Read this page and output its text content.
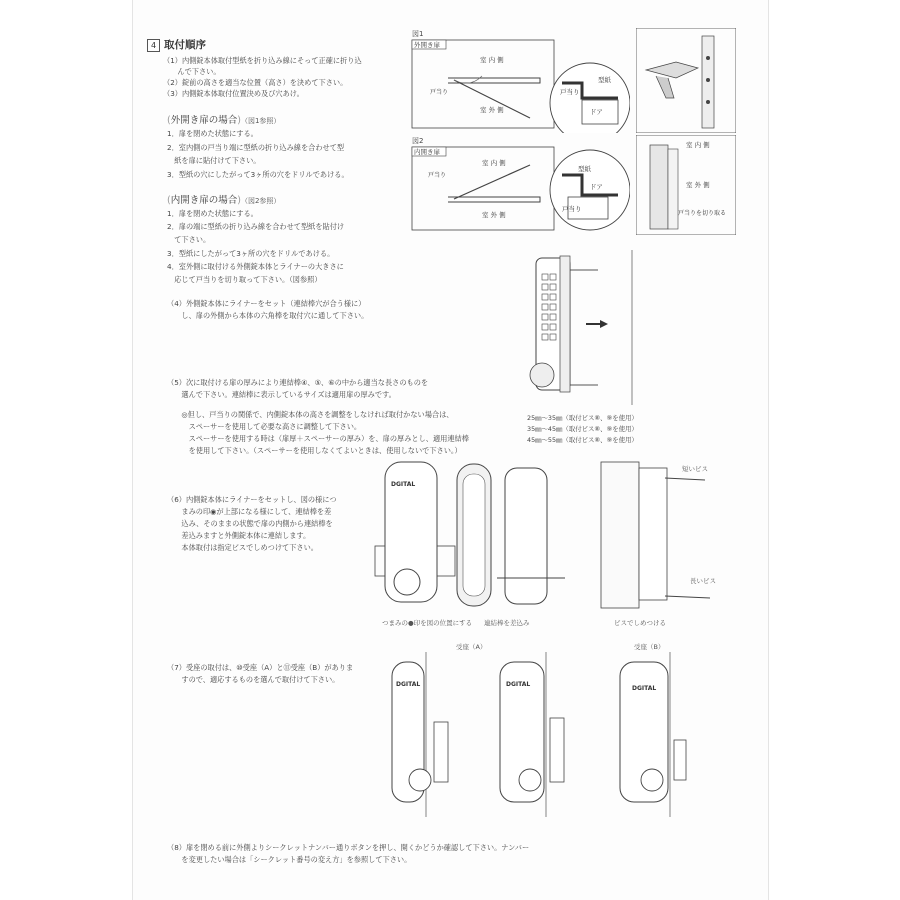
4 取付順序
（1）内側錠本体取付型紙を折り込み線にそって正確に折り込
　　んで下さい。
（2）錠前の高さを適当な位置（高さ）を決めて下さい。
（3）内側錠本体取付位置決め及び穴あけ。
(外開き扉の場合)（図1参照）
1．扉を閉めた状態にする。
2．室内側の戸当り端に型紙の折り込み線を合わせて型
　紙を扉に貼付けて下さい。
3．型紙の穴にしたがって3ヶ所の穴をドリルであける。
(内開き扉の場合)（図2参照）
1．扉を閉めた状態にする。
2．扉の端に型紙の折り込み線を合わせて型紙を貼付け
　て下さい。
3．型紙にしたがって3ヶ所の穴をドリルであける。
4．室外側に取付ける外側錠本体とライナーの大きさに
　応じて戸当りを切り取って下さい。（図参照）
（4）外側錠本体にライナーをセット（連結棒穴が合う様に）
　　し、扉の外側から本体の六角棒を取付穴に通して下さい。
（5）次に取付ける扉の厚みにより連結棒④、⑤、⑥の中から適当な長さのものを
　　選んで下さい。連結棒に表示しているサイズは適用扉の厚みです。
　　◎但し、戸当りの関係で、内側錠本体の高さを調整をしなければ取付かない場合は、
　　　スペーサーを使用して必要な高さに調整して下さい。
　　　スペーサーを使用する時は（扉厚＋スペーサーの厚み）を、扉の厚みとし、適用連結棒
　　　を使用して下さい。（スペーサーを使用しなくてよいときは、使用しないで下さい。）
25㎜〜35㎜（取付ビス⑧、⑨を使用）
35㎜〜45㎜（取付ビス⑧、⑨を使用）
45㎜〜55㎜（取付ビス⑧、⑨を使用）
（6）内側錠本体にライナーをセットし、図の様につ
　　まみの印◉が上部になる様にして、連結棒を差
　　込み、そのままの状態で扉の内側から連結棒を
　　差込みますと外側錠本体に連結します。
　　本体取付は指定ビスでしめつけて下さい。
（7）受座の取付は、⑩受座（A）と⑪受座（B）がありま
　　すので、適応するものを選んで取付けて下さい。
（8）扉を閉める前に外側よりシークレットナンバー通りボタンを押し、開くかどうか確認して下さい。ナンバー
　　を変更したい場合は「シークレット番号の変え方」を参照して下さい。
図1
外開き扉
室 内 側
室 外 側
戸当り	戸当り
型紙
ドア
図2
内開き扉
室 内 側
室 外 側
戸当り
型紙
ドア
戸当り
室 内 側
室 外 側
戸当りを切り取る
DGITAL
つまみの●印を図の位置にする 連結棒を差込み	ビスでしめつける
短いビス
長いビス
受座（A）	受座（B）
DGITAL	DGITAL
DGITAL
